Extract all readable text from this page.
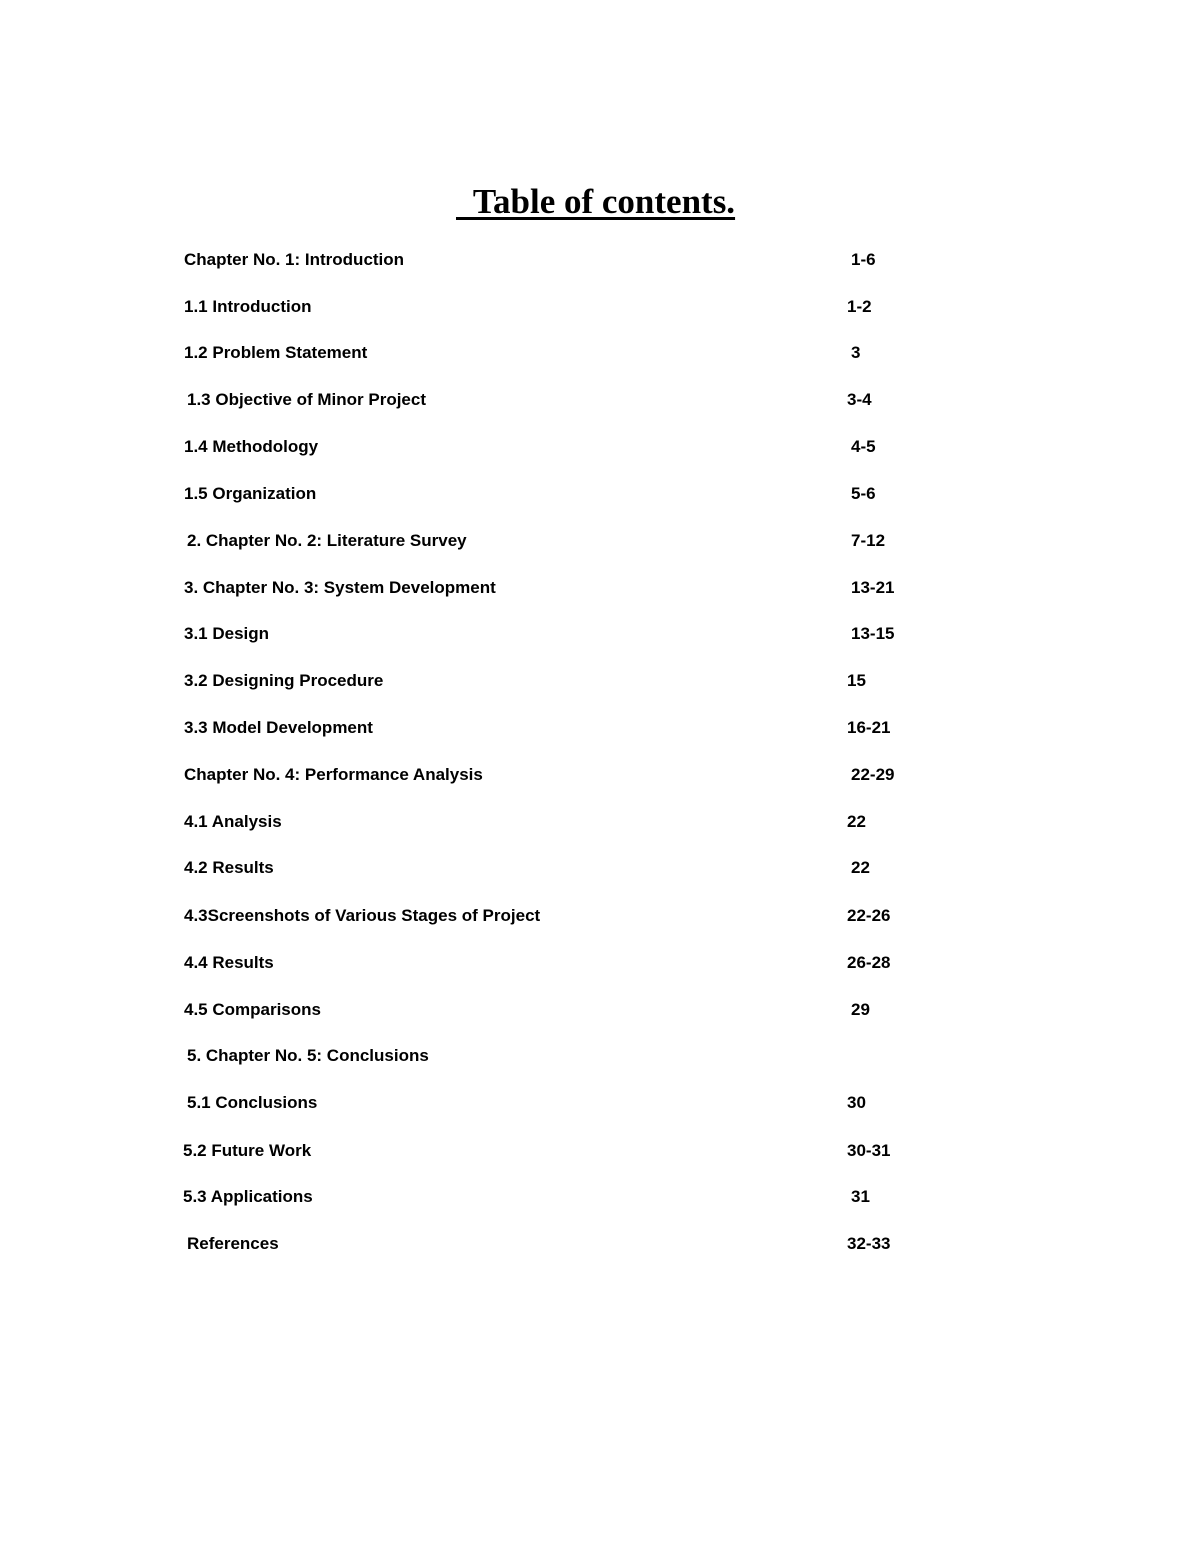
Table of contents.
Chapter No. 1: Introduction	1-6
1.1 Introduction	1-2
1.2 Problem Statement	3
1.3 Objective of Minor Project	3-4
1.4 Methodology	4-5
1.5 Organization	5-6
2. Chapter No. 2: Literature Survey	7-12
3. Chapter No. 3: System Development	13-21
3.1 Design	13-15
3.2 Designing Procedure	15
3.3 Model Development	16-21
Chapter No. 4: Performance Analysis	22-29
4.1 Analysis	22
4.2 Results	22
4.3Screenshots of Various Stages of Project	22-26
4.4 Results	26-28
4.5 Comparisons	29
5. Chapter No. 5: Conclusions
5.1 Conclusions	30
5.2 Future Work	30-31
5.3 Applications	31
References	32-33
